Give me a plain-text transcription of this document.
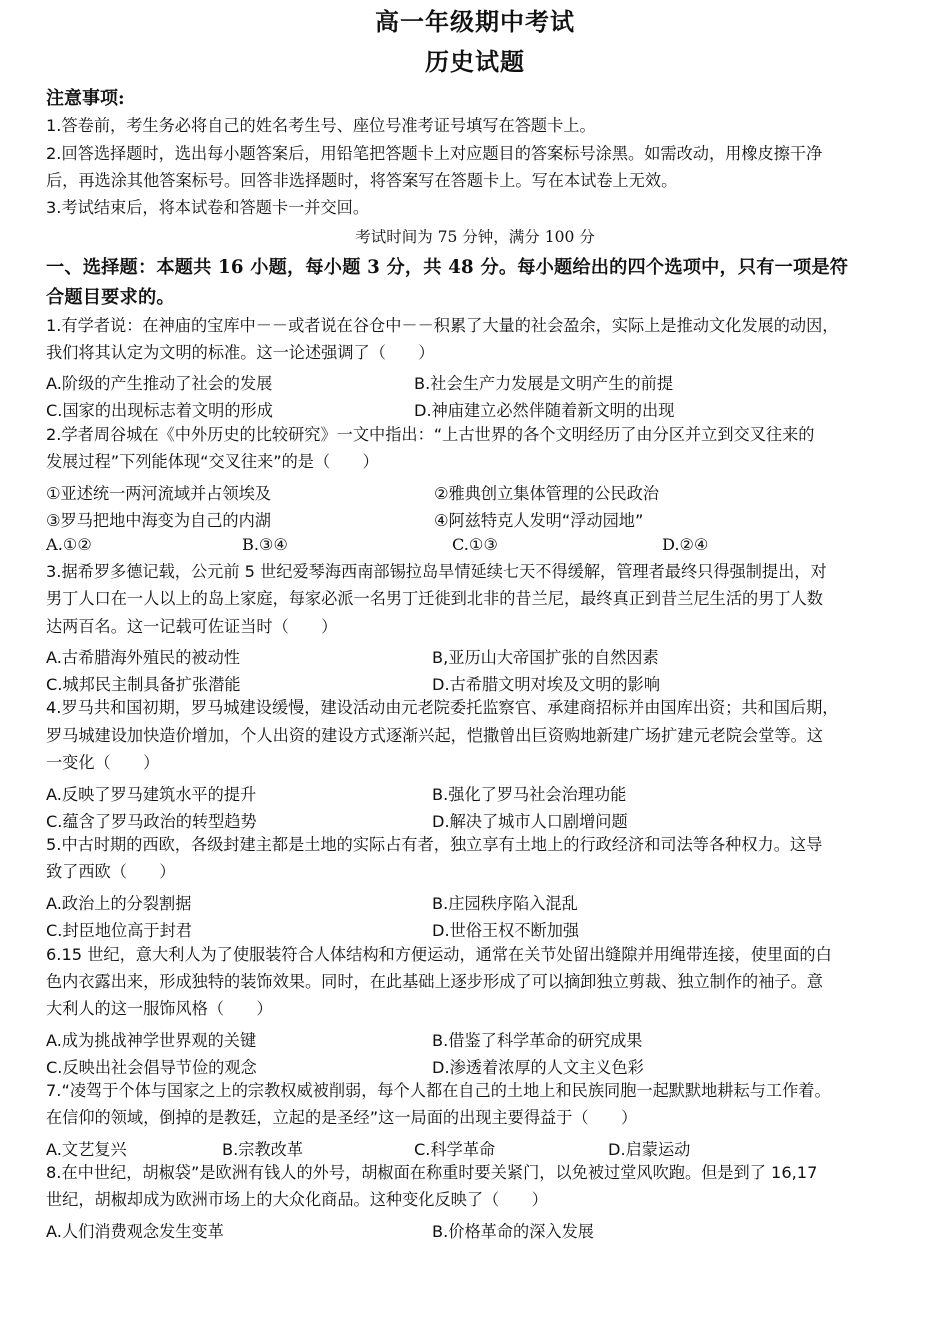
高一年级期中考试
历史试题
注意事项:
1.答卷前，考生务必将自己的姓名考生号、座位号准考证号填写在答题卡上。
2.回答选择题时，选出每小题答案后，用铅笔把答题卡上对应题目的答案标号涂黑。如需改动，用橡皮擦干净
后，再选涂其他答案标号。回答非选择题时，将答案写在答题卡上。写在本试卷上无效。
3.考试结束后，将本试卷和答题卡一并交回。
考试时间为 75 分钟，满分 100 分
一、选择题：本题共 16 小题，每小题 3 分，共 48 分。每小题给出的四个选项中，只有一项是符
合题目要求的。
1.有学者说：在神庙的宝库中－－或者说在谷仓中－－积累了大量的社会盈余，实际上是推动文化发展的动因，
我们将其认定为文明的标准。这一论述强调了（　　）
A.阶级的产生推动了社会的发展	B.社会生产力发展是文明产生的前提
C.国家的出现标志着文明的形成	D.神庙建立必然伴随着新文明的出现
2.学者周谷城在《中外历史的比较研究》一文中指出：“上古世界的各个文明经历了由分区并立到交叉往来的
发展过程”下列能体现“交叉往来”的是（　　）
①亚述统一两河流域并占领埃及	②雅典创立集体管理的公民政治
③罗马把地中海变为自己的内湖	④阿兹特克人发明“浮动园地”
A.①②	B.③④	C.①③	D.②④
3.据希罗多德记载，公元前 5 世纪爱琴海西南部锡拉岛旱情延续七天不得缓解，管理者最终只得强制提出，对
男丁人口在一人以上的岛上家庭，每家必派一名男丁迁徙到北非的昔兰尼，最终真正到昔兰尼生活的男丁人数
达两百名。这一记载可佐证当时（　　）
A.古希腊海外殖民的被动性	B,亚历山大帝国扩张的自然因素
C.城邦民主制具备扩张潜能	D.古希腊文明对埃及文明的影响
4.罗马共和国初期，罗马城建设缓慢，建设活动由元老院委托监察官、承建商招标并由国库出资；共和国后期，
罗马城建设加快造价增加，个人出资的建设方式逐渐兴起，恺撒曾出巨资购地新建广场扩建元老院会堂等。这
一变化（　　）
A.反映了罗马建筑水平的提升	B.强化了罗马社会治理功能
C.蕴含了罗马政治的转型趋势	D.解决了城市人口剧增问题
5.中古时期的西欧，各级封建主都是土地的实际占有者，独立享有土地上的行政经济和司法等各种权力。这导
致了西欧（　　）
A.政治上的分裂割据	B.庄园秩序陷入混乱
C.封臣地位高于封君	D.世俗王权不断加强
6.15 世纪，意大利人为了使服装符合人体结构和方便运动，通常在关节处留出缝隙并用绳带连接，使里面的白
色内衣露出来，形成独特的装饰效果。同时，在此基础上逐步形成了可以摘卸独立剪裁、独立制作的袖子。意
大利人的这一服饰风格（　　）
A.成为挑战神学世界观的关键	B.借鉴了科学革命的研究成果
C.反映出社会倡导节俭的观念	D.渗透着浓厚的人文主义色彩
7.“凌驾于个体与国家之上的宗教权威被削弱，每个人都在自己的土地上和民族同胞一起默默地耕耘与工作着。
在信仰的领域，倒掉的是教廷，立起的是圣经”这一局面的出现主要得益于（　　）
A.文艺复兴	B.宗教改革	C.科学革命	D.启蒙运动
8.在中世纪，胡椒袋”是欧洲有钱人的外号，胡椒面在称重时要关紧门，以免被过堂风吹跑。但是到了 16,17
世纪，胡椒却成为欧洲市场上的大众化商品。这种变化反映了（　　）
A.人们消费观念发生变革	B.价格革命的深入发展
